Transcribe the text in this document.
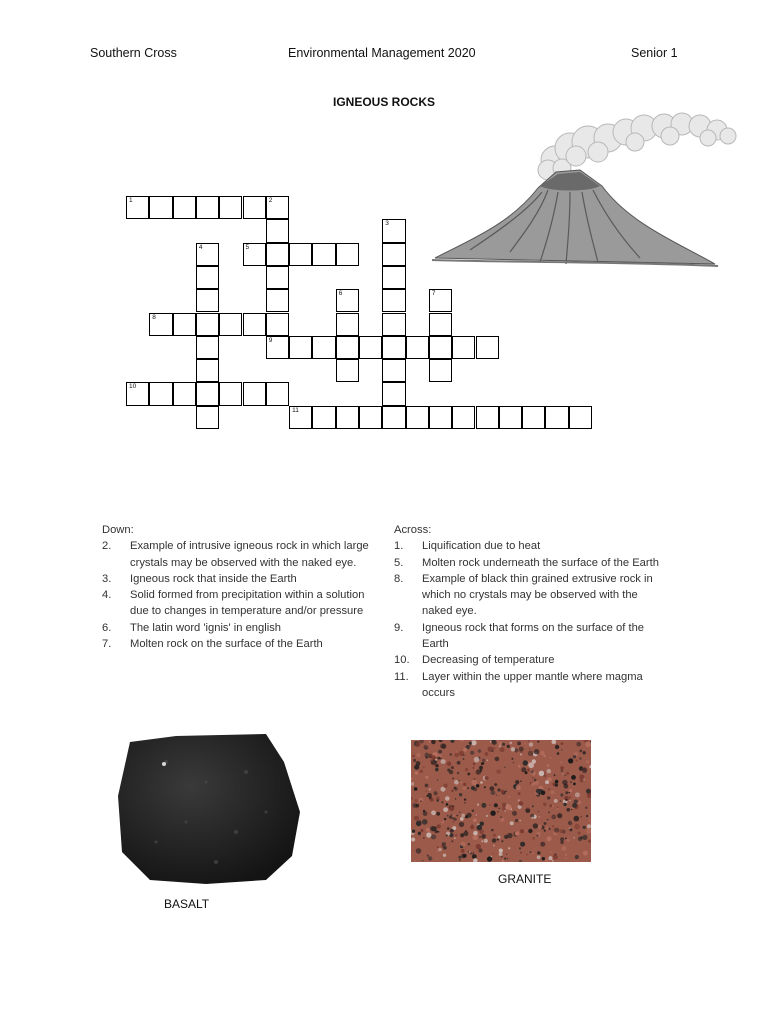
Southern Cross	Environmental Management 2020	Senior 1
IGNEOUS ROCKS
1	2
9
3
4	5
6	7
8
10
11
Down:
2. Example of intrusive igneous rock in which large crystals may be observed with the naked eye.
3. Igneous rock that inside the Earth
4. Solid formed from precipitation within a solution due to changes in temperature and/or pressure
6. The latin word 'ignis' in english
7. Molten rock on the surface of the Earth
Across:
1. Liquification due to heat
5. Molten rock underneath the surface of the Earth
8. Example of black thin grained extrusive rock in which no crystals may be observed with the naked eye.
9. Igneous rock that forms on the surface of the Earth
10. Decreasing of temperature
11. Layer within the upper mantle where magma occurs
BASALT
GRANITE
